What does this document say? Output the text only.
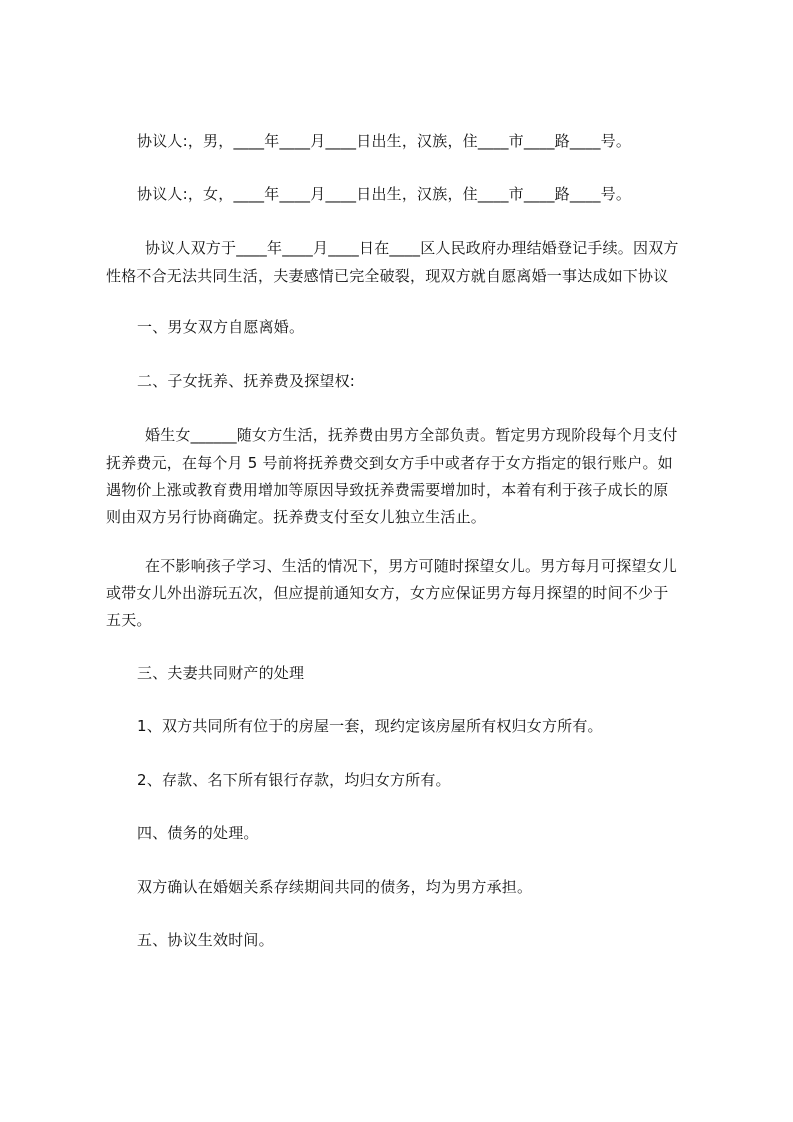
协议人:，男，____年____月____日出生，汉族，住____市____路____号。
协议人:，女，____年____月____日出生，汉族，住____市____路____号。
协议人双方于____年____月____日在____区人民政府办理结婚登记手续。因双方
性格不合无法共同生活，夫妻感情已完全破裂，现双方就自愿离婚一事达成如下协议
一、男女双方自愿离婚。
二、子女抚养、抚养费及探望权:
婚生女______随女方生活，抚养费由男方全部负责。暂定男方现阶段每个月支付
抚养费元，在每个月 5 号前将抚养费交到女方手中或者存于女方指定的银行账户。如
遇物价上涨或教育费用增加等原因导致抚养费需要增加时，本着有利于孩子成长的原
则由双方另行协商确定。抚养费支付至女儿独立生活止。
在不影响孩子学习、生活的情况下，男方可随时探望女儿。男方每月可探望女儿
或带女儿外出游玩五次，但应提前通知女方，女方应保证男方每月探望的时间不少于
五天。
三、夫妻共同财产的处理
1、双方共同所有位于的房屋一套，现约定该房屋所有权归女方所有。
2、存款、名下所有银行存款，均归女方所有。
四、债务的处理。
双方确认在婚姻关系存续期间共同的债务，均为男方承担。
五、协议生效时间。
